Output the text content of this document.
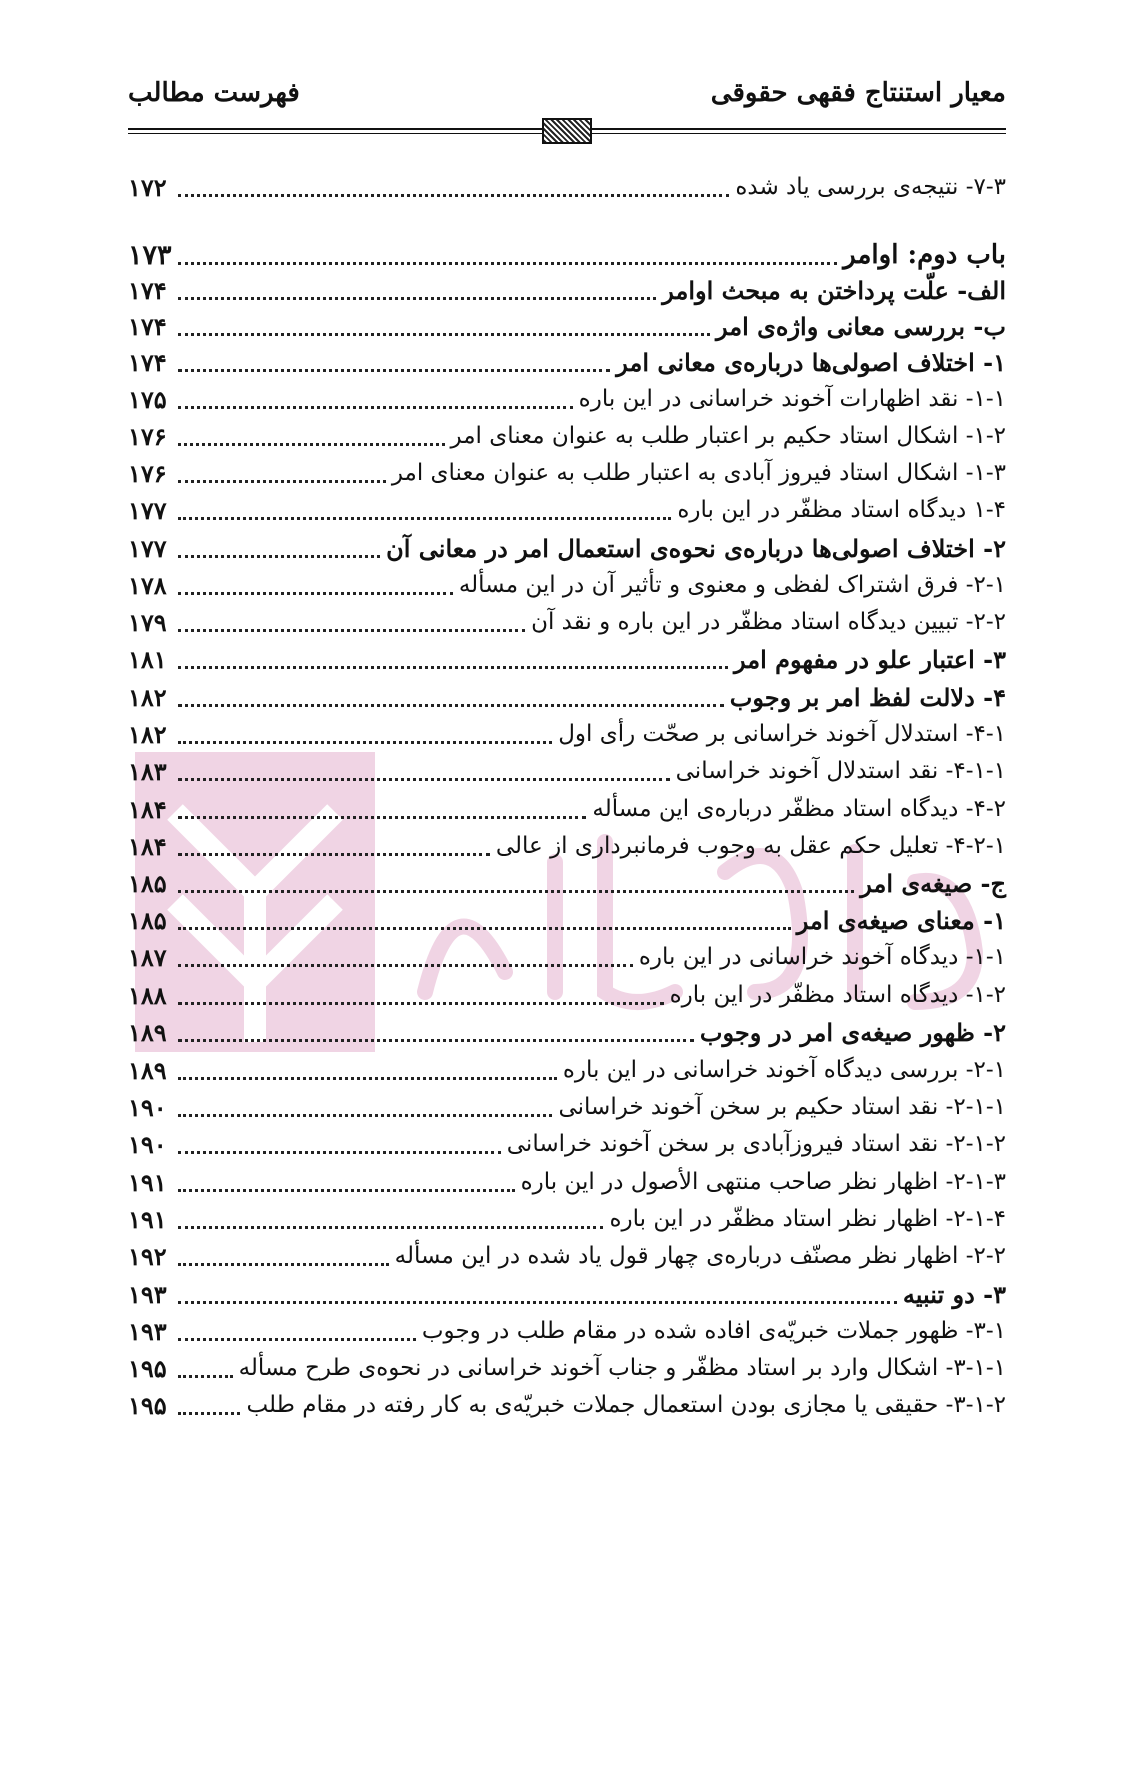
معیار استنتاج فقهی حقوقی
فهرست مطالب
۷-۳- نتیجه‌ی بررسی یاد شده
۱۷۲
باب دوم: اوامر
۱۷۳
الف- علّت پرداختن به مبحث اوامر
۱۷۴
ب- بررسی معانی واژه‌ی امر
۱۷۴
۱- اختلاف اصولی‌ها درباره‌ی معانی امر
۱۷۴
۱-۱- نقد اظهارات آخوند خراسانی در این باره
۱۷۵
۱-۲- اشکال استاد حکیم بر اعتبار طلب به عنوان معنای امر
۱۷۶
۱-۳- اشکال استاد فیروز آبادی به اعتبار طلب به عنوان معنای امر
۱۷۶
۱-۴ دیدگاه استاد مظفّر در این باره
۱۷۷
۲- اختلاف اصولی‌ها درباره‌ی نحوه‌ی استعمال امر در معانی آن
۱۷۷
۲-۱- فرق اشتراک لفظی و معنوی و تأثیر آن در این مسأله
۱۷۸
۲-۲- تبیین دیدگاه استاد مظفّر در این باره و نقد آن
۱۷۹
۳- اعتبار علو در مفهوم امر
۱۸۱
۴- دلالت لفظ امر بر وجوب
۱۸۲
۴-۱- استدلال آخوند خراسانی بر صحّت رأی اول
۱۸۲
۴-۱-۱- نقد استدلال آخوند خراسانی
۱۸۳
۴-۲- دیدگاه استاد مظفّر درباره‌ی این مسأله
۱۸۴
۴-۲-۱- تعلیل حکم عقل به وجوب فرمانبرداری از عالی
۱۸۴
ج- صیغه‌ی امر
۱۸۵
۱- معنای صیغه‌ی امر
۱۸۵
۱-۱- دیدگاه آخوند خراسانی در این باره
۱۸۷
۱-۲- دیدگاه استاد مظفّر در این باره
۱۸۸
۲- ظهور صیغه‌ی امر در وجوب
۱۸۹
۲-۱- بررسی دیدگاه آخوند خراسانی در این باره
۱۸۹
۲-۱-۱- نقد استاد حکیم بر سخن آخوند خراسانی
۱۹۰
۲-۱-۲- نقد استاد فیروزآبادی بر سخن آخوند خراسانی
۱۹۰
۲-۱-۳- اظهار نظر صاحب منتهی الأصول در این باره
۱۹۱
۲-۱-۴- اظهار نظر استاد مظفّر در این باره
۱۹۱
۲-۲- اظهار نظر مصنّف درباره‌ی چهار قول یاد شده در این مسأله
۱۹۲
۳- دو تنبیه
۱۹۳
۳-۱- ظهور جملات خبریّه‌ی افاده شده در مقام طلب در وجوب
۱۹۳
۳-۱-۱- اشکال وارد بر استاد مظفّر و جناب آخوند خراسانی در نحوه‌ی طرح مسأله
۱۹۵
۳-۱-۲- حقیقی یا مجازی بودن استعمال جملات خبریّه‌ی به کار رفته در مقام طلب
۱۹۵
